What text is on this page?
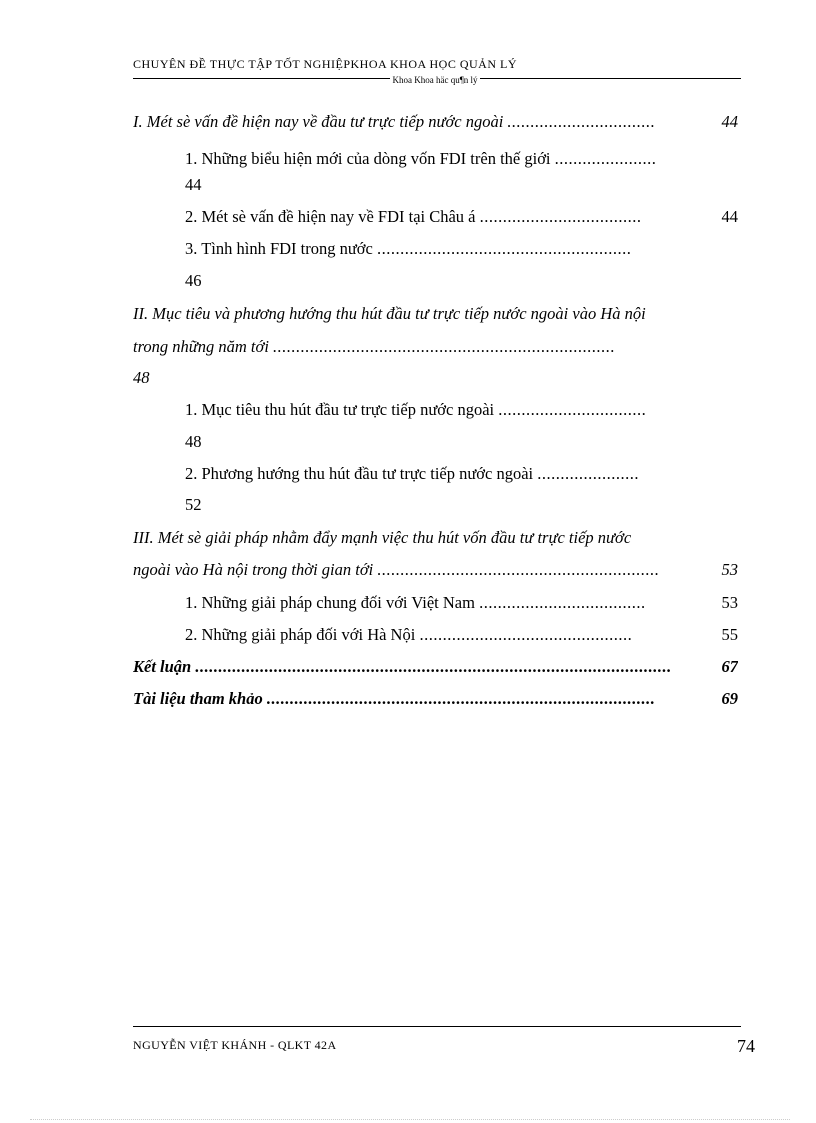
CHUYÊN ĐỀ THỰC TẬP TỐT NGHIỆPKHOA KHOA HỌC QUẢN LÝ
Khoa Khoa häc qu¶n lý
I. Mét sè vấn đề hiện nay về đầu tư trực tiếp nước ngoài ................................	44
1. Những biểu hiện mới của dòng vốn FDI trên thế giới ......................
44
2. Mét sè vấn đề hiện nay về FDI tại Châu á ...................................	44
3. Tình hình FDI trong nước .......................................................
46
II. Mục tiêu và phương hướng thu hút đầu tư trực tiếp nước ngoài vào Hà nội
trong những năm tới ..........................................................................
48
1. Mục tiêu thu hút đầu tư trực tiếp nước ngoài ................................
48
2. Phương hướng thu hút đầu tư trực tiếp nước ngoài ......................
52
III. Mét sè giải pháp nhằm đẩy mạnh việc thu hút vốn đầu tư trực tiếp nước
ngoài vào Hà nội trong thời gian tới .............................................................	53
1. Những giải pháp chung đối với Việt Nam ....................................	53
2. Những giải pháp đối với Hà Nội ..............................................	55
Kết luận .......................................................................................................	67
Tài liệu tham khảo ....................................................................................	69
NGUYỄN VIỆT KHÁNH - QLKT 42A	74
